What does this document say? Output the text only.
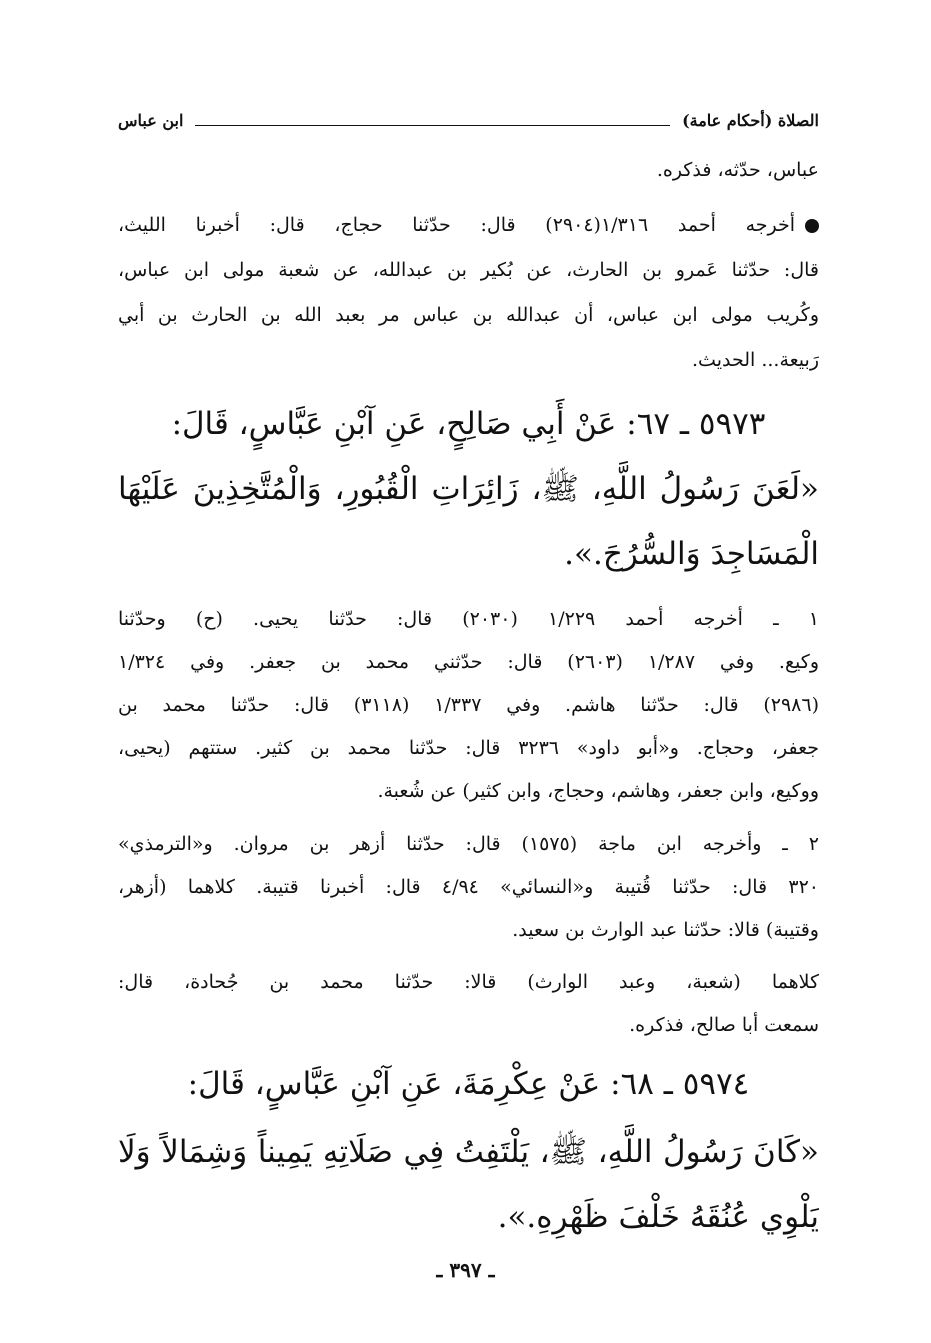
الصلاة (أحكام عامة)
ابن عباس
عباس، حدّثه، فذكره.
أخرجه أحمد ١/٣١٦(٢٩٠٤) قال: حدّثنا حجاج، قال: أخبرنا الليث،
قال: حدّثنا عَمرو بن الحارث، عن بُكير بن عبدالله، عن شعبة مولى ابن عباس،
وكُريب مولى ابن عباس، أن عبدالله بن عباس مر بعبد الله بن الحارث بن أبي
رَبيعة... الحديث.
٥٩٧٣ ـ ٦٧: عَنْ أَبِي صَالِحٍ، عَنِ آبْنِ عَبَّاسٍ، قَالَ:
«لَعَنَ رَسُولُ اللَّهِ، ﷺ، زَائِرَاتِ الْقُبُورِ، وَالْمُتَّخِذِينَ عَلَيْهَا
الْمَسَاجِدَ وَالسُّرُجَ.».
١ ـ أخرجه أحمد ١/٢٢٩ (٢٠٣٠) قال: حدّثنا يحيى. (ح) وحدّثنا
وكيع. وفي ١/٢٨٧ (٢٦٠٣) قال: حدّثني محمد بن جعفر. وفي ١/٣٢٤
(٢٩٨٦) قال: حدّثنا هاشم. وفي ١/٣٣٧ (٣١١٨) قال: حدّثنا محمد بن
جعفر، وحجاج. و«أبو داود» ٣٢٣٦ قال: حدّثنا محمد بن كثير. ستتهم (يحيى،
ووكيع، وابن جعفر، وهاشم، وحجاج، وابن كثير) عن شُعبة.
٢ ـ وأخرجه ابن ماجة (١٥٧٥) قال: حدّثنا أزهر بن مروان. و«الترمذي»
٣٢٠ قال: حدّثنا قُتيبة و«النسائي» ٤/٩٤ قال: أخبرنا قتيبة. كلاهما (أزهر،
وقتيبة) قالا: حدّثنا عبد الوارث بن سعيد.
كلاهما (شعبة، وعبد الوارث) قالا: حدّثنا محمد بن جُحادة، قال:
سمعت أبا صالح، فذكره.
٥٩٧٤ ـ ٦٨: عَنْ عِكْرِمَةَ، عَنِ آبْنِ عَبَّاسٍ، قَالَ:
«كَانَ رَسُولُ اللَّهِ، ﷺ، يَلْتَفِتُ فِي صَلَاتِهِ يَمِيناً وَشِمَالاً وَلَا
يَلْوِي عُنُقَهُ خَلْفَ ظَهْرِهِ.».
ـ ٣٩٧ ـ
